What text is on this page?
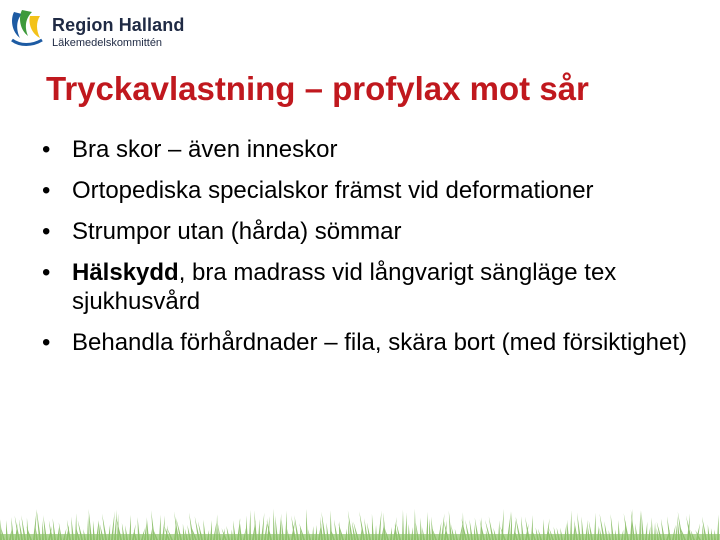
Region Halland
Läkemedelskommittén
Tryckavlastning – profylax mot sår
• Bra skor – även inneskor
• Ortopediska specialskor främst vid deformationer
• Strumpor utan (hårda) sömmar
• Hälskydd, bra madrass vid långvarigt sängläge tex sjukhusvård
• Behandla förhårdnader – fila, skära bort (med försiktighet)
